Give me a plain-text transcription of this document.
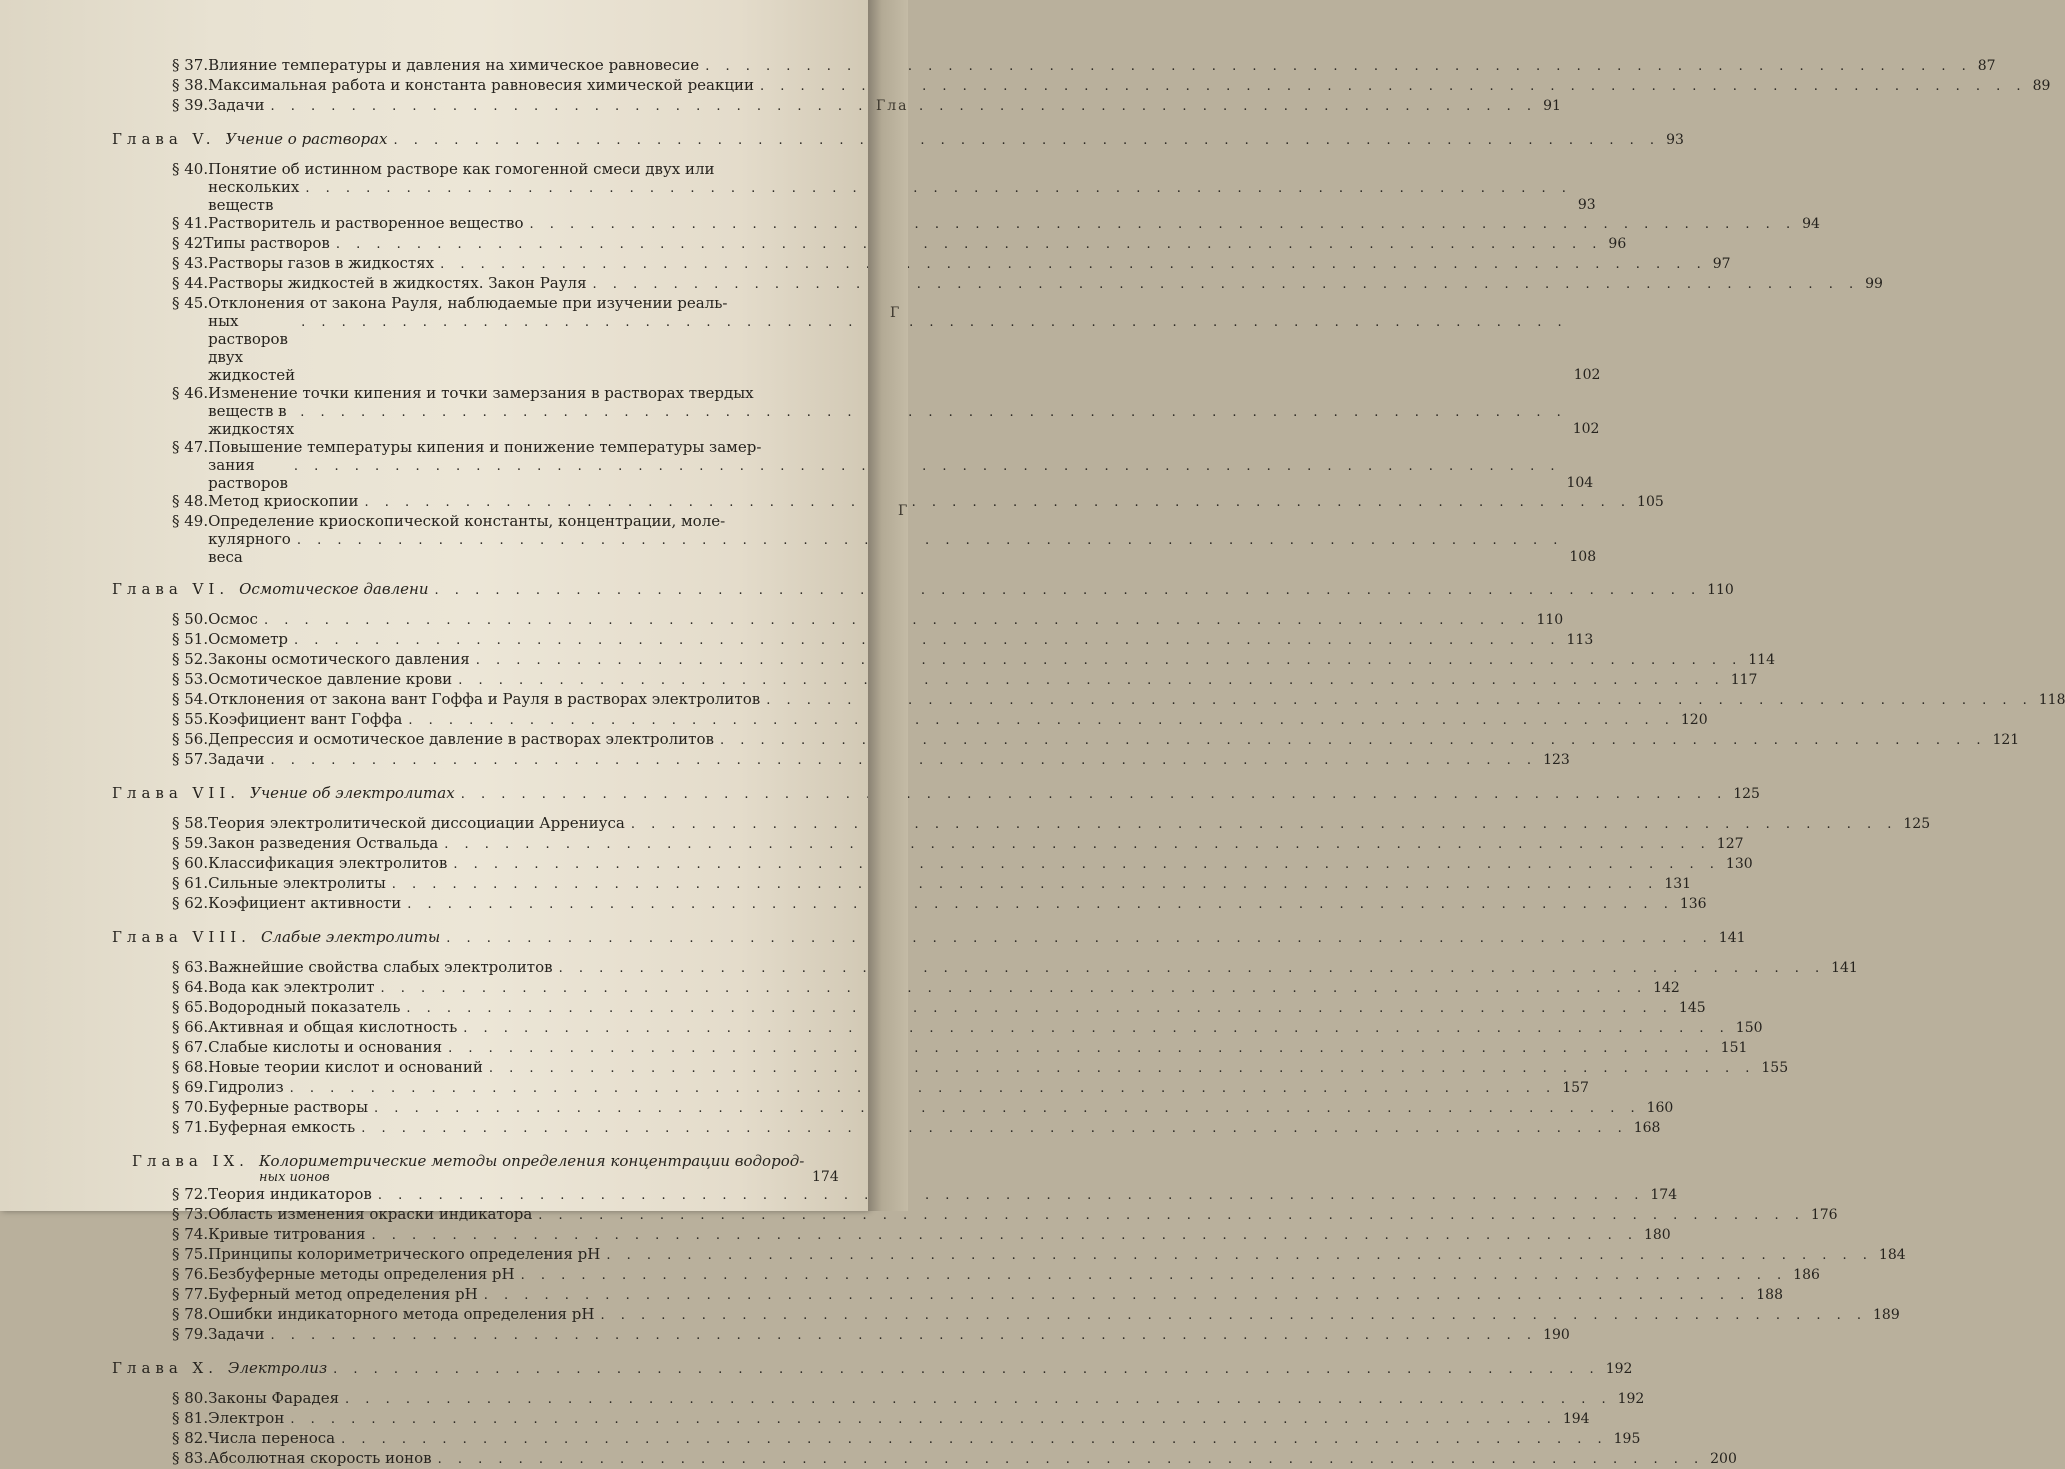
§ 37. Влияние температуры и давления на химическое равновесие . . .	87
§ 38. Максимальная работа и константа равновесия химической реакции . . .	89
§ 39. Задачи . . .	91
Глава V. Учение о растворах . . .	93
§ 40. Понятие об истинном растворе как гомогенной смеси двух или
нескольких веществ
. . .	93
§ 41. Растворитель и растворенное вещество . . .	94
§ 42 Типы растворов . . .	96
§ 43. Растворы газов в жидкостях . . .	97
§ 44. Растворы жидкостей в жидкостях. Закон Рауля . . .	99
§ 45. Отклонения от закона Рауля, наблюдаемые при изучении реаль-
ных растворов двух жидкостей
. . .	102
§ 46. Изменение точки кипения и точки замерзания в растворах твердых
веществ в жидкостях
. . .	102
§ 47. Повышение температуры кипения и понижение температуры замер-
зания растворов
. . .	104
§ 48. Метод криоскопии . . .	105
§ 49. Определение криоскопической константы, концентрации, моле-
кулярного веса
. . .	108
Глава VI. Осмотическое давлени . . .	110
§ 50. Осмос . . .	110
§ 51. Осмометр . . .	113
§ 52. Законы осмотического давления . . .	114
§ 53. Осмотическое давление крови . . .	117
§ 54. Отклонения от закона вант Гоффа и Рауля в растворах электролитов . . .	118
§ 55. Коэфициент вант Гоффа . . .	120
§ 56. Депрессия и осмотическое давление в растворах электролитов . . .	121
§ 57. Задачи . . .	123
Глава VII. Учение об электролитах . . .	125
§ 58. Теория электролитической диссоциации Аррениуса . . .	125
§ 59. Закон разведения Оствальда . . .	127
§ 60. Классификация электролитов . . .	130
§ 61. Сильные электролиты . . .	131
§ 62. Коэфициент активности . . .	136
Глава VIII. Слабые электролиты . . .	141
§ 63. Важнейшие свойства слабых электролитов . . .	141
§ 64. Вода как электролит . . .	142
§ 65. Водородный показатель . . .	145
§ 66. Активная и общая кислотность . . .	150
§ 67. Слабые кислоты и основания . . .	151
§ 68. Новые теории кислот и оснований . . .	155
§ 69. Гидролиз . . .	157
§ 70. Буферные растворы . . .	160
§ 71. Буферная емкость . . .	168
Глава IX. Колориметрические методы определения концентрации водород-
ных ионов	174
§ 72. Теория индикаторов . . .	174
§ 73. Область изменения окраски индикатора . . .	176
§ 74. Кривые титрования . . .	180
§ 75. Принципы колориметрического определения pH . . .	184
§ 76. Безбуферные методы определения pH . . .	186
§ 77. Буферный метод определения pH . . .	188
§ 78. Ошибки индикаторного метода определения pH . . .	189
§ 79. Задачи . . .	190
Глава X. Электролиз . . .	192
§ 80. Законы Фарадея . . .	192
§ 81. Электрон . . .	194
§ 82. Числа переноса . . .	195
§ 83. Абсолютная скорость ионов . . .	200
Гла
Г
Г
